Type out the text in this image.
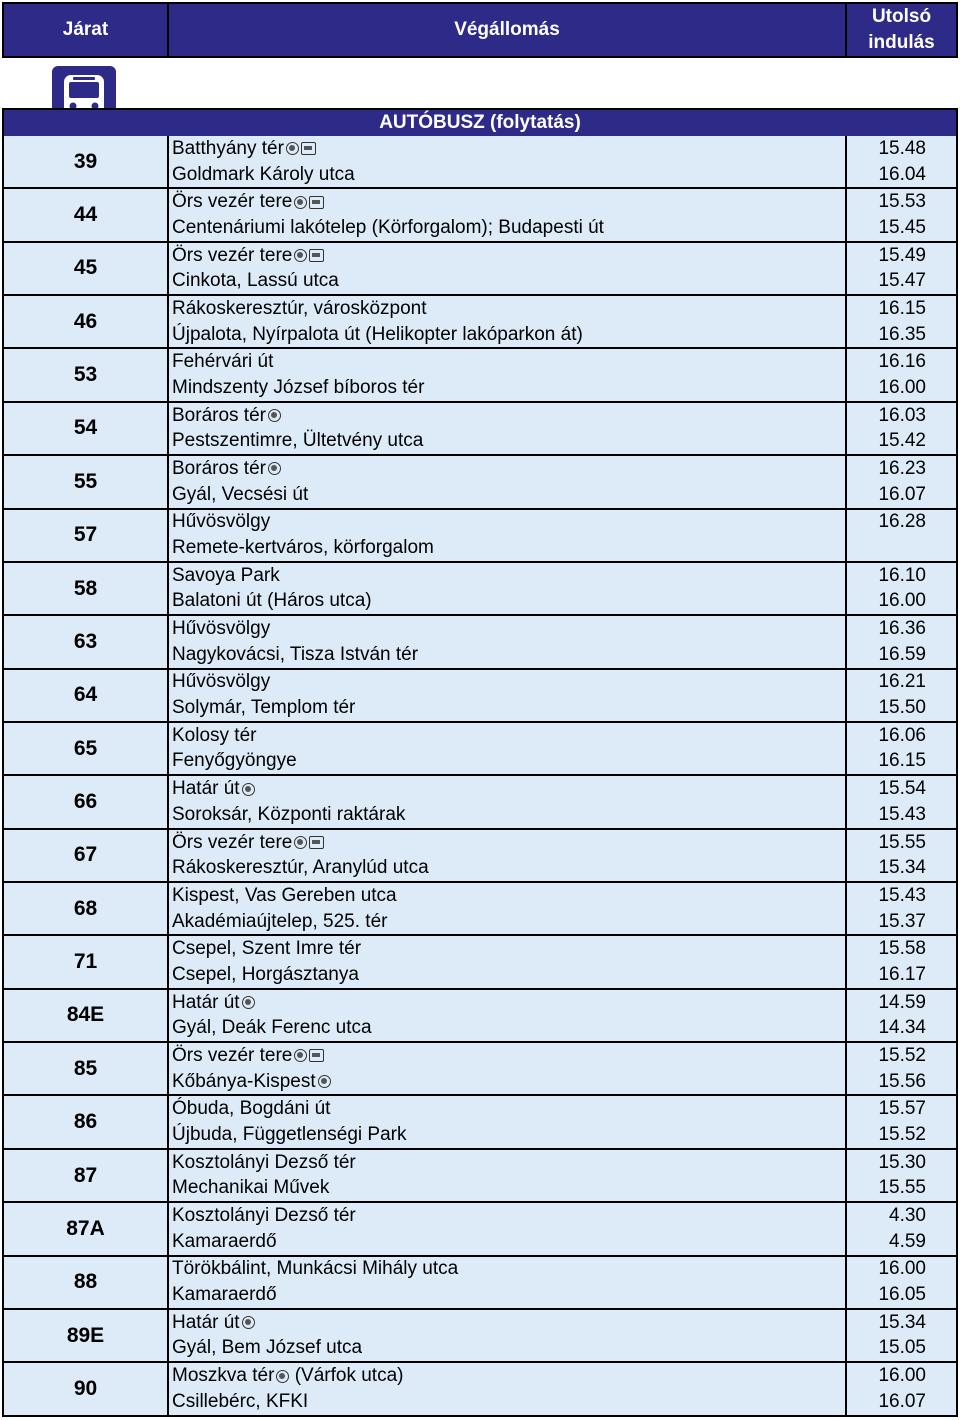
Járat	Végállomás
Utolsó
indulás
AUTÓBUSZ (folytatás)
39
Batthyány tér
Goldmark Károly utca
15.48
16.04
44
Örs vezér tere
Centenáriumi lakótelep (Körforgalom); Budapesti út
15.53
15.45
45
Örs vezér tere
Cinkota, Lassú utca
15.49
15.47
46
Rákoskeresztúr, városközpont
Újpalota, Nyírpalota út (Helikopter lakóparkon át)
16.15
16.35
53
Fehérvári út
Mindszenty József bíboros tér
16.16
16.00
54
Boráros tér
Pestszentimre, Ültetvény utca
16.03
15.42
55
Boráros tér
Gyál, Vecsési út
16.23
16.07
57
Hűvösvölgy
Remete-kertváros, körforgalom
16.28
58
Savoya Park
Balatoni út (Háros utca)
16.10
16.00
63
Hűvösvölgy
Nagykovácsi, Tisza István tér
16.36
16.59
64
Hűvösvölgy
Solymár, Templom tér
16.21
15.50
65
Kolosy tér
Fenyőgyöngye
16.06
16.15
66
Határ út
Soroksár, Központi raktárak
15.54
15.43
67
Örs vezér tere
Rákoskeresztúr, Aranylúd utca
15.55
15.34
68
Kispest, Vas Gereben utca
Akadémiaújtelep, 525. tér
15.43
15.37
71
Csepel, Szent Imre tér
Csepel, Horgásztanya
15.58
16.17
84E
Határ út
Gyál, Deák Ferenc utca
14.59
14.34
85
Örs vezér tere
Kőbánya-Kispest
15.52
15.56
86
Óbuda, Bogdáni út
Újbuda, Függetlenségi Park
15.57
15.52
87
Kosztolányi Dezső tér
Mechanikai Művek
15.30
15.55
87A
Kosztolányi Dezső tér
Kamaraerdő
4.30
4.59
88
Törökbálint, Munkácsi Mihály utca
Kamaraerdő
16.00
16.05
89E
Határ út
Gyál, Bem József utca
15.34
15.05
90
Moszkva tér (Várfok utca)
Csillebérc, KFKI
16.00
16.07
